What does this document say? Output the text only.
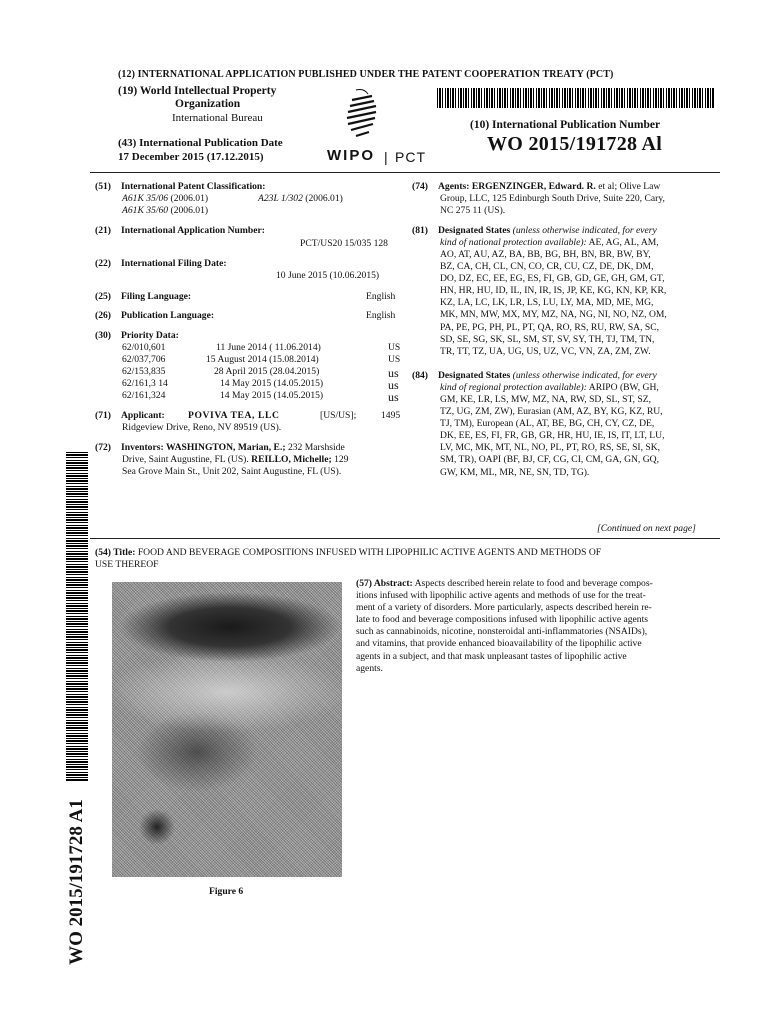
(12) INTERNATIONAL APPLICATION PUBLISHED UNDER THE PATENT COOPERATION TREATY (PCT)
(19) World Intellectual Property
Organization
International Bureau
(43) International Publication Date
17 December 2015 (17.12.2015)	WIPO | PCT
(10) International Publication Number
WO 2015/191728 Al
(51) International Patent Classification:
A61K 35/06 (2006.01)	A23L 1/302 (2006.01)
A61K 35/60 (2006.01)
(21) International Application Number:
PCT/US20 15/035 128
(22) International Filing Date:
10 June 2015 (10.06.2015)
(25) Filing Language:	English
(26) Publication Language:	English
(30) Priority Data:
62/010,601	11 June 2014 ( 11.06.2014)	US
62/037,706	15 August 2014 (15.08.2014)	US
62/153,835	28 April 2015 (28.04.2015)	us
62/161,3 14	14 May 2015 (14.05.2015)	us
62/161,324	14 May 2015 (14.05.2015)	us
(71) Applicant: POVIVA TEA, LLC	[US/US];	1495
Ridgeview Drive, Reno, NV 89519 (US).
(72) Inventors: WASHINGTON, Marian, E.; 232 Marshside
Drive, Saint Augustine, FL (US). REILLO, Michelle; 129
Sea Grove Main St., Unit 202, Saint Augustine, FL (US).
(74) Agents: ERGENZINGER, Edward. R. et al; Olive Law
Group, LLC, 125 Edinburgh South Drive, Suite 220, Cary,
NC 275 11 (US).
(81) Designated States (unless otherwise indicated, for every
kind of national protection available): AE, AG, AL, AM,
AO, AT, AU, AZ, BA, BB, BG, BH, BN, BR, BW, BY,
BZ, CA, CH, CL, CN, CO, CR, CU, CZ, DE, DK, DM,
DO, DZ, EC, EE, EG, ES, FI, GB, GD, GE, GH, GM, GT,
HN, HR, HU, ID, IL, IN, IR, IS, JP, KE, KG, KN, KP, KR,
KZ, LA, LC, LK, LR, LS, LU, LY, MA, MD, ME, MG,
MK, MN, MW, MX, MY, MZ, NA, NG, NI, NO, NZ, OM,
PA, PE, PG, PH, PL, PT, QA, RO, RS, RU, RW, SA, SC,
SD, SE, SG, SK, SL, SM, ST, SV, SY, TH, TJ, TM, TN,
TR, TT, TZ, UA, UG, US, UZ, VC, VN, ZA, ZM, ZW.
(84) Designated States (unless otherwise indicated, for every
kind of regional protection available): ARIPO (BW, GH,
GM, KE, LR, LS, MW, MZ, NA, RW, SD, SL, ST, SZ,
TZ, UG, ZM, ZW), Eurasian (AM, AZ, BY, KG, KZ, RU,
TJ, TM), European (AL, AT, BE, BG, CH, CY, CZ, DE,
DK, EE, ES, FI, FR, GB, GR, HR, HU, IE, IS, IT, LT, LU,
LV, MC, MK, MT, NL, NO, PL, PT, RO, RS, SE, SI, SK,
SM, TR), OAPI (BF, BJ, CF, CG, CI, CM, GA, GN, GQ,
GW, KM, ML, MR, NE, SN, TD, TG).
[Continued on next page]
(54) Title: FOOD AND BEVERAGE COMPOSITIONS INFUSED WITH LIPOPHILIC ACTIVE AGENTS AND METHODS OF
USE THEREOF
Figure 6
(57) Abstract: Aspects described herein relate to food and beverage compos-
itions infused with lipophilic active agents and methods of use for the treat-
ment of a variety of disorders. More particularly, aspects described herein re-
late to food and beverage compositions infused with lipophilic active agents
such as cannabinoids, nicotine, nonsteroidal anti-inflammatories (NSAIDs),
and vitamins, that provide enhanced bioavailability of the lipophilic active
agents in a subject, and that mask unpleasant tastes of lipophilic active
agents.
WO 2015/191728 A1
